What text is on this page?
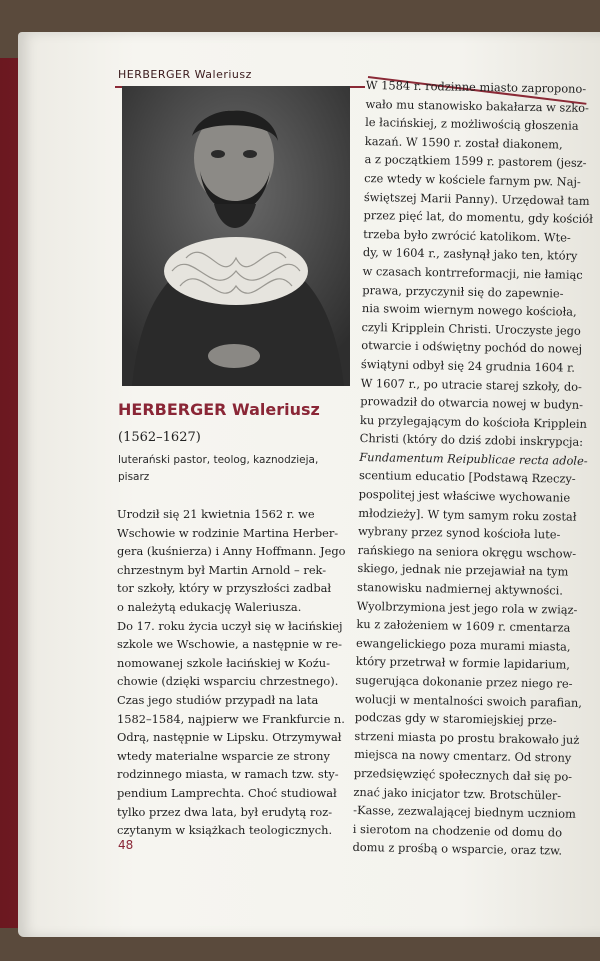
HERBERGER Waleriusz
HERBERGER Waleriusz
(1562–1627)
luterański pastor, teolog, kaznodzieja,
pisarz
Urodził się 21 kwietnia 1562 r. we
Wschowie w rodzinie Martina Herber-
gera (kuśnierza) i Anny Hoffmann. Jego
chrzestnym był Martin Arnold – rek-
tor szkoły, który w przyszłości zadbał
o należytą edukację Waleriusza.
Do 17. roku życia uczył się w łacińskiej
szkole we Wschowie, a następnie w re-
nomowanej szkole łacińskiej w Koźu-
chowie (dzięki wsparciu chrzestnego).
Czas jego studiów przypadł na lata
1582–1584, najpierw we Frankfurcie n.
Odrą, następnie w Lipsku. Otrzymywał
wtedy materialne wsparcie ze strony
rodzinnego miasta, w ramach tzw. sty-
pendium Lamprechta. Choć studiował
tylko przez dwa lata, był erudytą roz-
czytanym w książkach teologicznych.
W 1584 r. rodzinne miasto zapropono-
wało mu stanowisko bakałarza w szko-
le łacińskiej, z możliwością głoszenia
kazań. W 1590 r. został diakonem,
a z początkiem 1599 r. pastorem (jesz-
cze wtedy w kościele farnym pw. Naj-
świętszej Marii Panny). Urzędował tam
przez pięć lat, do momentu, gdy kościół
trzeba było zwrócić katolikom. Wte-
dy, w 1604 r., zasłynął jako ten, który
w czasach kontrreformacji, nie łamiąc
prawa, przyczynił się do zapewnie-
nia swoim wiernym nowego kościoła,
czyli Kripplein Christi. Uroczyste jego
otwarcie i odświętny pochód do nowej
świątyni odbył się 24 grudnia 1604 r.
W 1607 r., po utracie starej szkoły, do-
prowadził do otwarcia nowej w budyn-
ku przylegającym do kościoła Kripplein
Christi (który do dziś zdobi inskrypcja:
Fundamentum Reipublicae recta adole-
scentium educatio [Podstawą Rzeczy-
pospolitej jest właściwe wychowanie
młodzieży]. W tym samym roku został
wybrany przez synod kościoła lute-
rańskiego na seniora okręgu wschow-
skiego, jednak nie przejawiał na tym
stanowisku nadmiernej aktywności.
Wyolbrzymiona jest jego rola w związ-
ku z założeniem w 1609 r. cmentarza
ewangelickiego poza murami miasta,
który przetrwał w formie lapidarium,
sugerująca dokonanie przez niego re-
wolucji w mentalności swoich parafian,
podczas gdy w staromiejskiej prze-
strzeni miasta po prostu brakowało już
miejsca na nowy cmentarz. Od strony
przedsięwzięć społecznych dał się po-
znać jako inicjator tzw. Brotschüler-
-Kasse, zezwalającej biednym uczniom
i sierotom na chodzenie od domu do
domu z prośbą o wsparcie, oraz tzw.
48
